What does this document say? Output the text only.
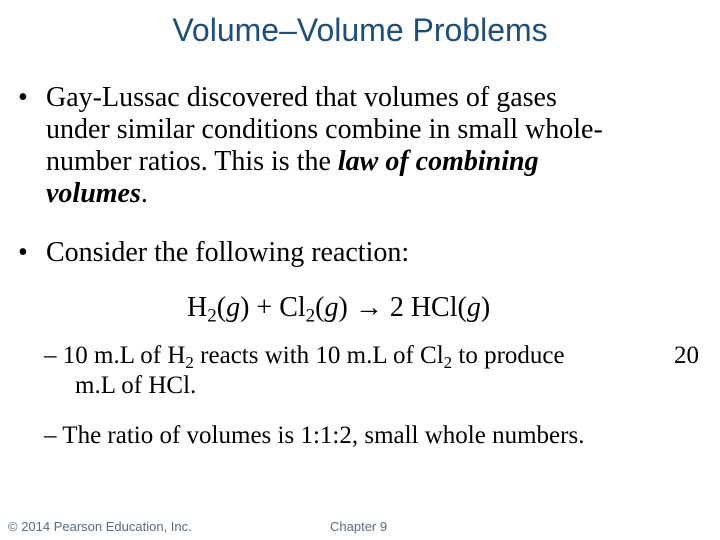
Volume–Volume Problems
• Gay-Lussac discovered that volumes of gases
under similar conditions combine in small whole-
number ratios. This is the law of combining
volumes.
• Consider the following reaction:
$H_2(g) + Cl_2(g) \to 2$ HCl(g)
– 10 m.L of $H_2$ reacts with 10 m.L of $Cl_2$ to produce	20
m.L of HCl.
– The ratio of volumes is 1:1:2, small whole numbers.
© 2014 Pearson Education, Inc.	Chapter 9
